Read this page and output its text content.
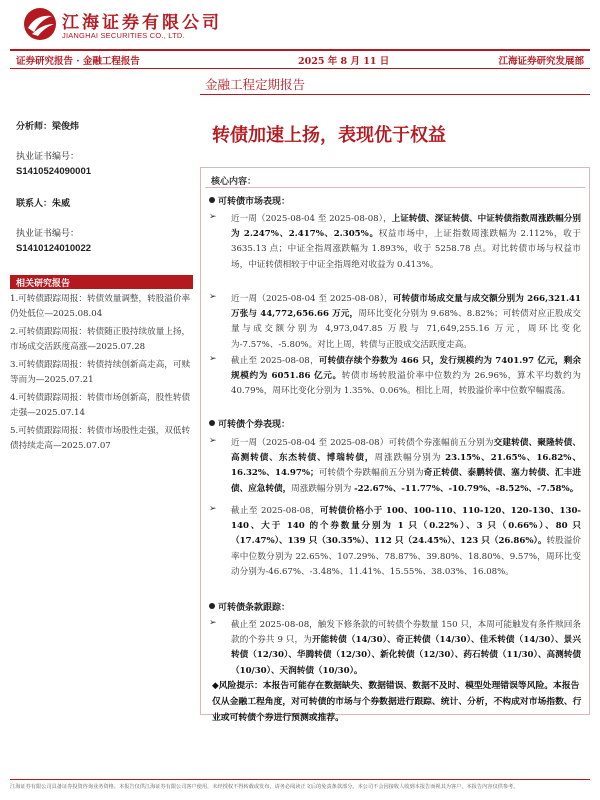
江海证券有限公司
JIANGHAI SECURITIES CO., LTD.
证券研究报告 · 金融工程报告	2025 年 8 月 11 日	江海证券研究发展部
金融工程定期报告
分析师：梁俊炜
执业证书编号：
S1410524090001
联系人：朱威
执业证书编号：
S1410124010022
相关研究报告
1.可转债跟踪周报：转债效量调整，转股溢价率仍处低位—2025.08.04
2.可转债跟踪周报：转债随正股持续放量上扬，市场成交活跃度高涨—2025.07.28
3.可转债跟踪周报：转债持续创新高走高，可赎等而为—2025.07.21
4.可转债跟踪周报：转债市场创新高，股性转债走强—2025.07.14
5.可转债跟踪周报：转债市场股性走强，双低转债持续走高—2025.07.07
转债加速上扬，表现优于权益
核心内容：
可转债市场表现：
➢ 近一周（2025-08-04 至 2025-08-08），上证转债、深证转债、中证转债指数周涨跌幅分别为 2.247%、2.417%、2.305%。权益市场中，上证指数周涨跌幅为 2.112%，收于 3635.13 点；中证全指周涨跌幅为 1.893%，收于 5258.78 点。对比转债市场与权益市场，中证转债相较于中证全指周绝对收益为 0.413%。
➢ 近一周（2025-08-04 至 2025-08-08），可转债市场成交量与成交额分别为 266,321.41 万张与 44,772,656.66 万元，周环比变化分别为 9.68%、8.82%；可转债对应正股成交量与成交额分别为 4,973,047.85 万股与 71,649,255.16 万元，周环比变化为-7.57%、-5.80%。对比上周，转债与正股成交活跃度走高。
➢ 截止至 2025-08-08，可转债存续个券数为 466 只，发行规模约为 7401.97 亿元，剩余规模约为 6051.86 亿元。转债市场转股溢价率中位数约为 26.96%，算术平均数约为 40.79%，周环比变化分别为 1.35%、0.06%。相比上周，转股溢价率中位数窄幅震荡。
可转债个券表现：
➢ 近一周（2025-08-04 至 2025-08-08）可转债个券涨幅前五分别为交建转债、聚隆转债、高测转债、东杰转债、博瑞转债，周涨跌幅分别为 23.15%、21.65%、16.82%、16.32%、14.97%；可转债个券跌幅前五分别为奇正转债、泰鹏转债、塞力转债、汇丰进债、应急转债，周涨跌幅分别为 -22.67%、-11.77%、-10.79%、-8.52%、-7.58%。
➢ 截止至 2025-08-08，可转债价格小于 100、100-110、110-120、120-130、130-140、大于 140 的个券数量分别为 1 只（0.22%）、3 只（0.66%）、80 只（17.47%）、139 只（30.35%）、112 只（24.45%）、123 只（26.86%）。转股溢价率中位数分别为 22.65%、107.29%、78.87%、39.80%、18.80%、9.57%，周环比变动分别为-46.67%、-3.48%、11.41%、15.55%、38.03%、16.08%。
可转债条款跟踪：
➢ 截止至 2025-08-08，触发下修条款的可转债个券数量 150 只，本周可能触发有条件赎回条款的个券共 9 只，为开能转债（14/30）、奇正转债（14/30）、佳禾转债（14/30）、景兴转债（12/30）、华腾转债（12/30）、新化转债（12/30）、药石转债（11/30）、高测转债（10/30）、天润转债（10/30）。
◆风险提示：本报告可能存在数据缺失、数据错误、数据不及时、模型处理错误等风险。本报告仅从金融工程角度，对可转债的市场与个券数据进行跟踪、统计、分析，不构成对市场指数、行业或可转债个券进行预测或推荐。
江海证券有限公司具备证券投资咨询业务资格。本报告仅供江海证券有限公司客户使用，未经授权不得转载或发布，请务必阅读正文后的免责条款部分。本公司不会因接收人收到本报告而视其为客户，本报告内容仅供参考。
